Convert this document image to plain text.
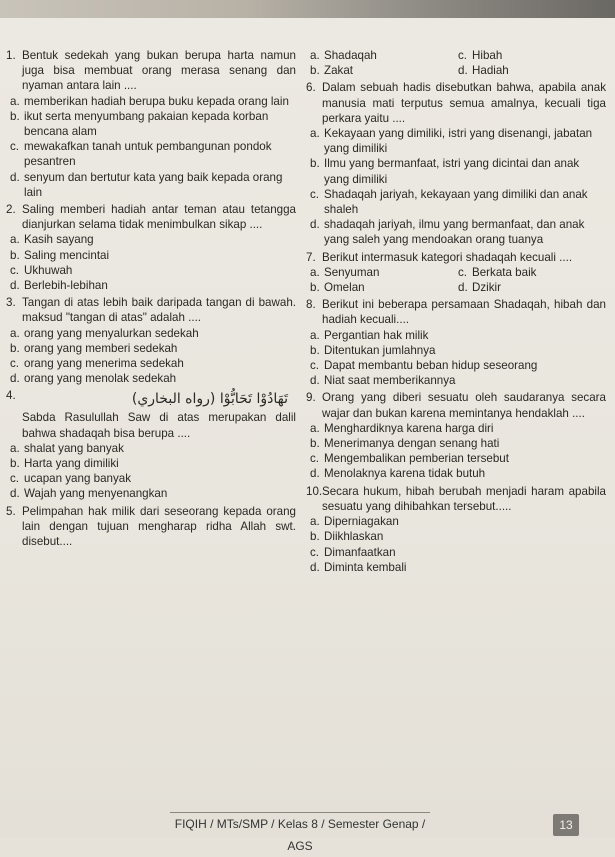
1. Bentuk sedekah yang bukan berupa harta namun juga bisa membuat orang merasa senang dan nyaman antara lain ....
a. memberikan hadiah berupa buku kepada orang lain
b. ikut serta menyumbang pakaian kepada korban bencana alam
c. mewakafkan tanah untuk pembangunan pondok pesantren
d. senyum dan bertutur kata yang baik kepada orang lain
2. Saling memberi hadiah antar teman atau tetangga dianjurkan selama tidak menimbulkan sikap ....
a. Kasih sayang
b. Saling mencintai
c. Ukhuwah
d. Berlebih-lebihan
3. Tangan di atas lebih baik daripada tangan di bawah. maksud "tangan di atas" adalah ....
a. orang yang menyalurkan sedekah
b. orang yang memberi sedekah
c. orang yang menerima sedekah
d. orang yang menolak sedekah
4.	تَهَادُوْا تَحَابُّوْا (رواه البخاري)
Sabda Rasulullah Saw di atas merupakan dalil bahwa shadaqah bisa berupa ....
a. shalat yang banyak
b. Harta yang dimiliki
c. ucapan yang banyak
d. Wajah yang menyenangkan
5. Pelimpahan hak milik dari seseorang kepada orang lain dengan tujuan mengharap ridha Allah swt. disebut....
a. Shadaqah	c. Hibah
b. Zakat	d. Hadiah
6. Dalam sebuah hadis disebutkan bahwa, apabila anak manusia mati terputus semua amalnya, kecuali tiga perkara yaitu ....
a. Kekayaan yang dimiliki, istri yang disenangi, jabatan yang dimiliki
b. Ilmu yang bermanfaat, istri yang dicintai dan anak yang dimiliki
c. Shadaqah jariyah, kekayaan yang dimiliki dan anak shaleh
d. shadaqah jariyah, ilmu yang bermanfaat, dan anak yang saleh yang mendoakan orang tuanya
7. Berikut intermasuk kategori shadaqah kecuali ....
a. Senyuman	c. Berkata baik
b. Omelan	d. Dzikir
8. Berikut ini beberapa persamaan Shadaqah, hibah dan hadiah kecuali....
a. Pergantian hak milik
b. Ditentukan jumlahnya
c. Dapat membantu beban hidup seseorang
d. Niat saat memberikannya
9. Orang yang diberi sesuatu oleh saudaranya secara wajar dan bukan karena memintanya hendaklah ....
a. Menghardiknya karena harga diri
b. Menerimanya dengan senang hati
c. Mengembalikan pemberian tersebut
d. Menolaknya karena tidak butuh
10. Secara hukum, hibah berubah menjadi haram apabila sesuatu yang dihibahkan tersebut.....
a. Diperniagakan
b. Diikhlaskan
c. Dimanfaatkan
d. Diminta kembali
13
FIQIH / MTs/SMP / Kelas 8 / Semester Genap / AGS
